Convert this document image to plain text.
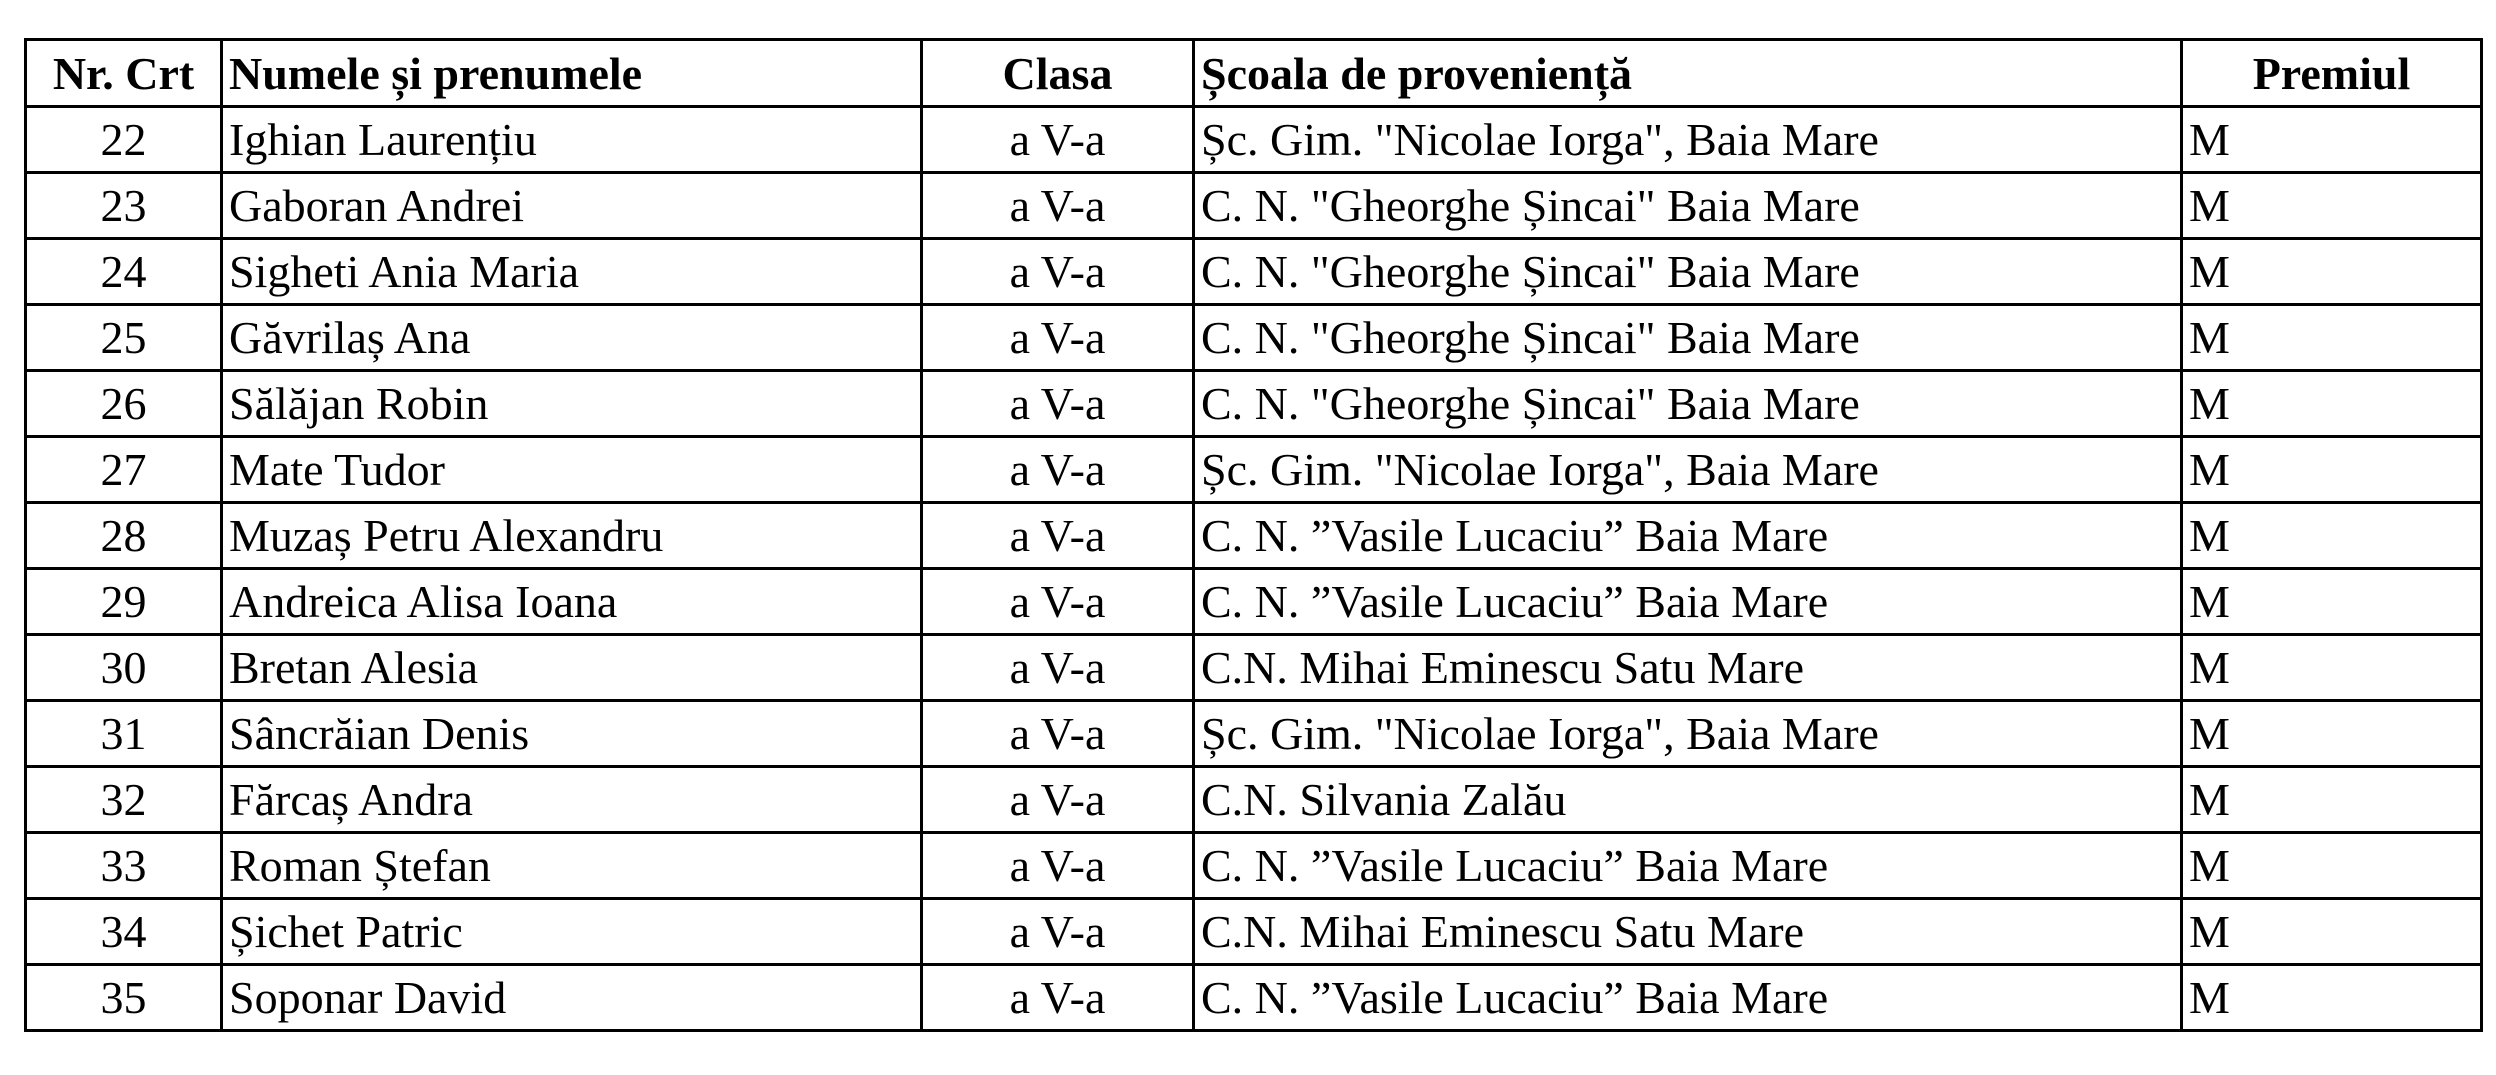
Nr. Crt	Numele și prenumele	Clasa	Școala de proveniență	Premiul
22	Ighian Laurențiu	a V-a	Șc. Gim. "Nicolae Iorga", Baia Mare	M
23	Gaboran Andrei	a V-a	C. N. "Gheorghe Șincai" Baia Mare	M
24	Sigheti Ania Maria	a V-a	C. N. "Gheorghe Șincai" Baia Mare	M
25	Găvrilaș Ana	a V-a	C. N. "Gheorghe Șincai" Baia Mare	M
26	Sălăjan Robin	a V-a	C. N. "Gheorghe Șincai" Baia Mare	M
27	Mate Tudor	a V-a	Șc. Gim. "Nicolae Iorga", Baia Mare	M
28	Muzaș Petru Alexandru	a V-a	C. N. ”Vasile Lucaciu” Baia Mare	M
29	Andreica Alisa Ioana	a V-a	C. N. ”Vasile Lucaciu” Baia Mare	M
30	Bretan Alesia	a V-a	C.N. Mihai Eminescu Satu Mare	M
31	Sâncrăian Denis	a V-a	Șc. Gim. "Nicolae Iorga", Baia Mare	M
32	Fărcaș Andra	a V-a	C.N. Silvania Zalău	M
33	Roman Ștefan	a V-a	C. N. ”Vasile Lucaciu” Baia Mare	M
34	Șichet Patric	a V-a	C.N. Mihai Eminescu Satu Mare	M
35	Soponar David	a V-a	C. N. ”Vasile Lucaciu” Baia Mare	M
